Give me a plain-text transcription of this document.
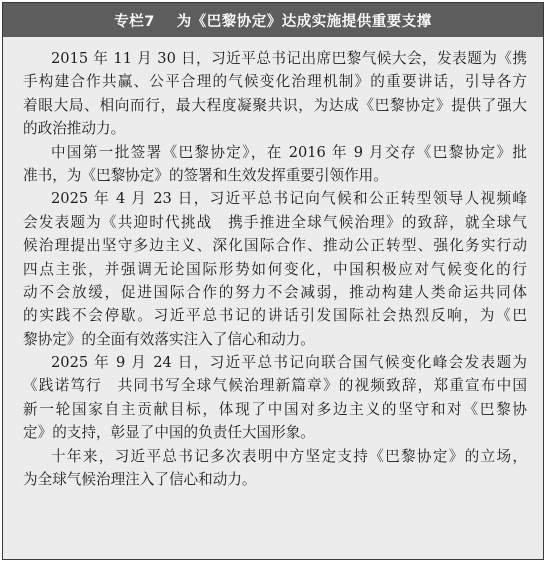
专栏7 为《巴黎协定》达成实施提供重要支撑

2015 年 11 月 30 日，习近平总书记出席巴黎气候大会，发表题为《携
手构建合作共赢、公平合理的气候变化治理机制》的重要讲话，引导各方
着眼大局、相向而行，最大程度凝聚共识，为达成《巴黎协定》提供了强大
的政治推动力。

中国第一批签署《巴黎协定》，在 2016 年 9 月交存《巴黎协定》批
准书，为《巴黎协定》的签署和生效发挥重要引领作用。

2025 年 4 月 23 日，习近平总书记向气候和公正转型领导人视频峰
会发表题为《共迎时代挑战　携手推进全球气候治理》的致辞，就全球气
候治理提出坚守多边主义、深化国际合作、推动公正转型、强化务实行动
四点主张，并强调无论国际形势如何变化，中国积极应对气候变化的行
动不会放缓，促进国际合作的努力不会减弱，推动构建人类命运共同体
的实践不会停歇。习近平总书记的讲话引发国际社会热烈反响，为《巴
黎协定》的全面有效落实注入了信心和动力。

2025 年 9 月 24 日，习近平总书记向联合国气候变化峰会发表题为
《践诺笃行　共同书写全球气候治理新篇章》的视频致辞，郑重宣布中国
新一轮国家自主贡献目标，体现了中国对多边主义的坚守和对《巴黎协
定》的支持，彰显了中国的负责任大国形象。

十年来，习近平总书记多次表明中方坚定支持《巴黎协定》的立场，
为全球气候治理注入了信心和动力。
